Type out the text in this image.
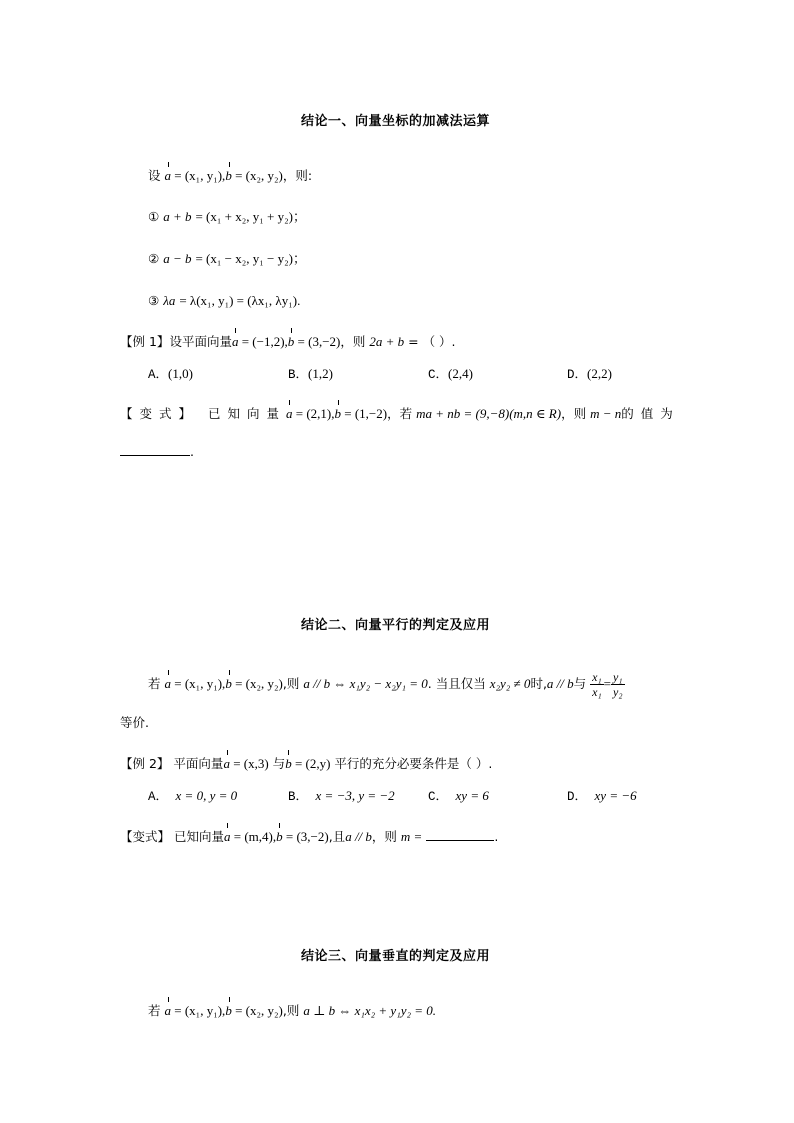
结论一、向量坐标的加减法运算
设 a = (x₁, y₁),b = (x₂, y₂)，则:
① a + b = (x₁ + x₂, y₁ + y₂)；
② a − b = (x₁ − x₂, y₁ − y₂)；
③ λa = λ(x₁, y₁) = (λx₁, λy₁).
【例 1】设平面向量a = (−1,2),b = (3,−2)，则 2a + b = （ ）.
A．(1,0)	B．(1,2)	C．(2,4)	D．(2,2)
【变式】 已知向量a = (2,1),b = (1,−2)，若 ma + nb = (9,−8)(m,n ∈ R)，则 m − n的值为
.
结论二、向量平行的判定及应用
若 a = (x₁, y₁),b = (x₂, y₂),则 a // b ⇔ x₁y₂ − x₂y₁ = 0. 当且仅当 x₂y₂ ≠ 0时,a // b与 $\frac{\text{x₁}}{\text{x₁}} = \frac{\text{y₁}}{\text{y₂}}$
等价.
【例 2】 平面向量a = (x,3) 与b = (2,y) 平行的充分必要条件是（ ）.
A． x = 0, y = 0	B． x = −3, y = −2	C． xy = 6	D． xy = −6
【变式】 已知向量a = (m,4),b = (3,−2),且a // b，则 m =	.
结论三、向量垂直的判定及应用
若 a = (x₁, y₁),b = (x₂, y₂),则 a ⊥ b ⇔ x₁x₂ + y₁y₂ = 0.
